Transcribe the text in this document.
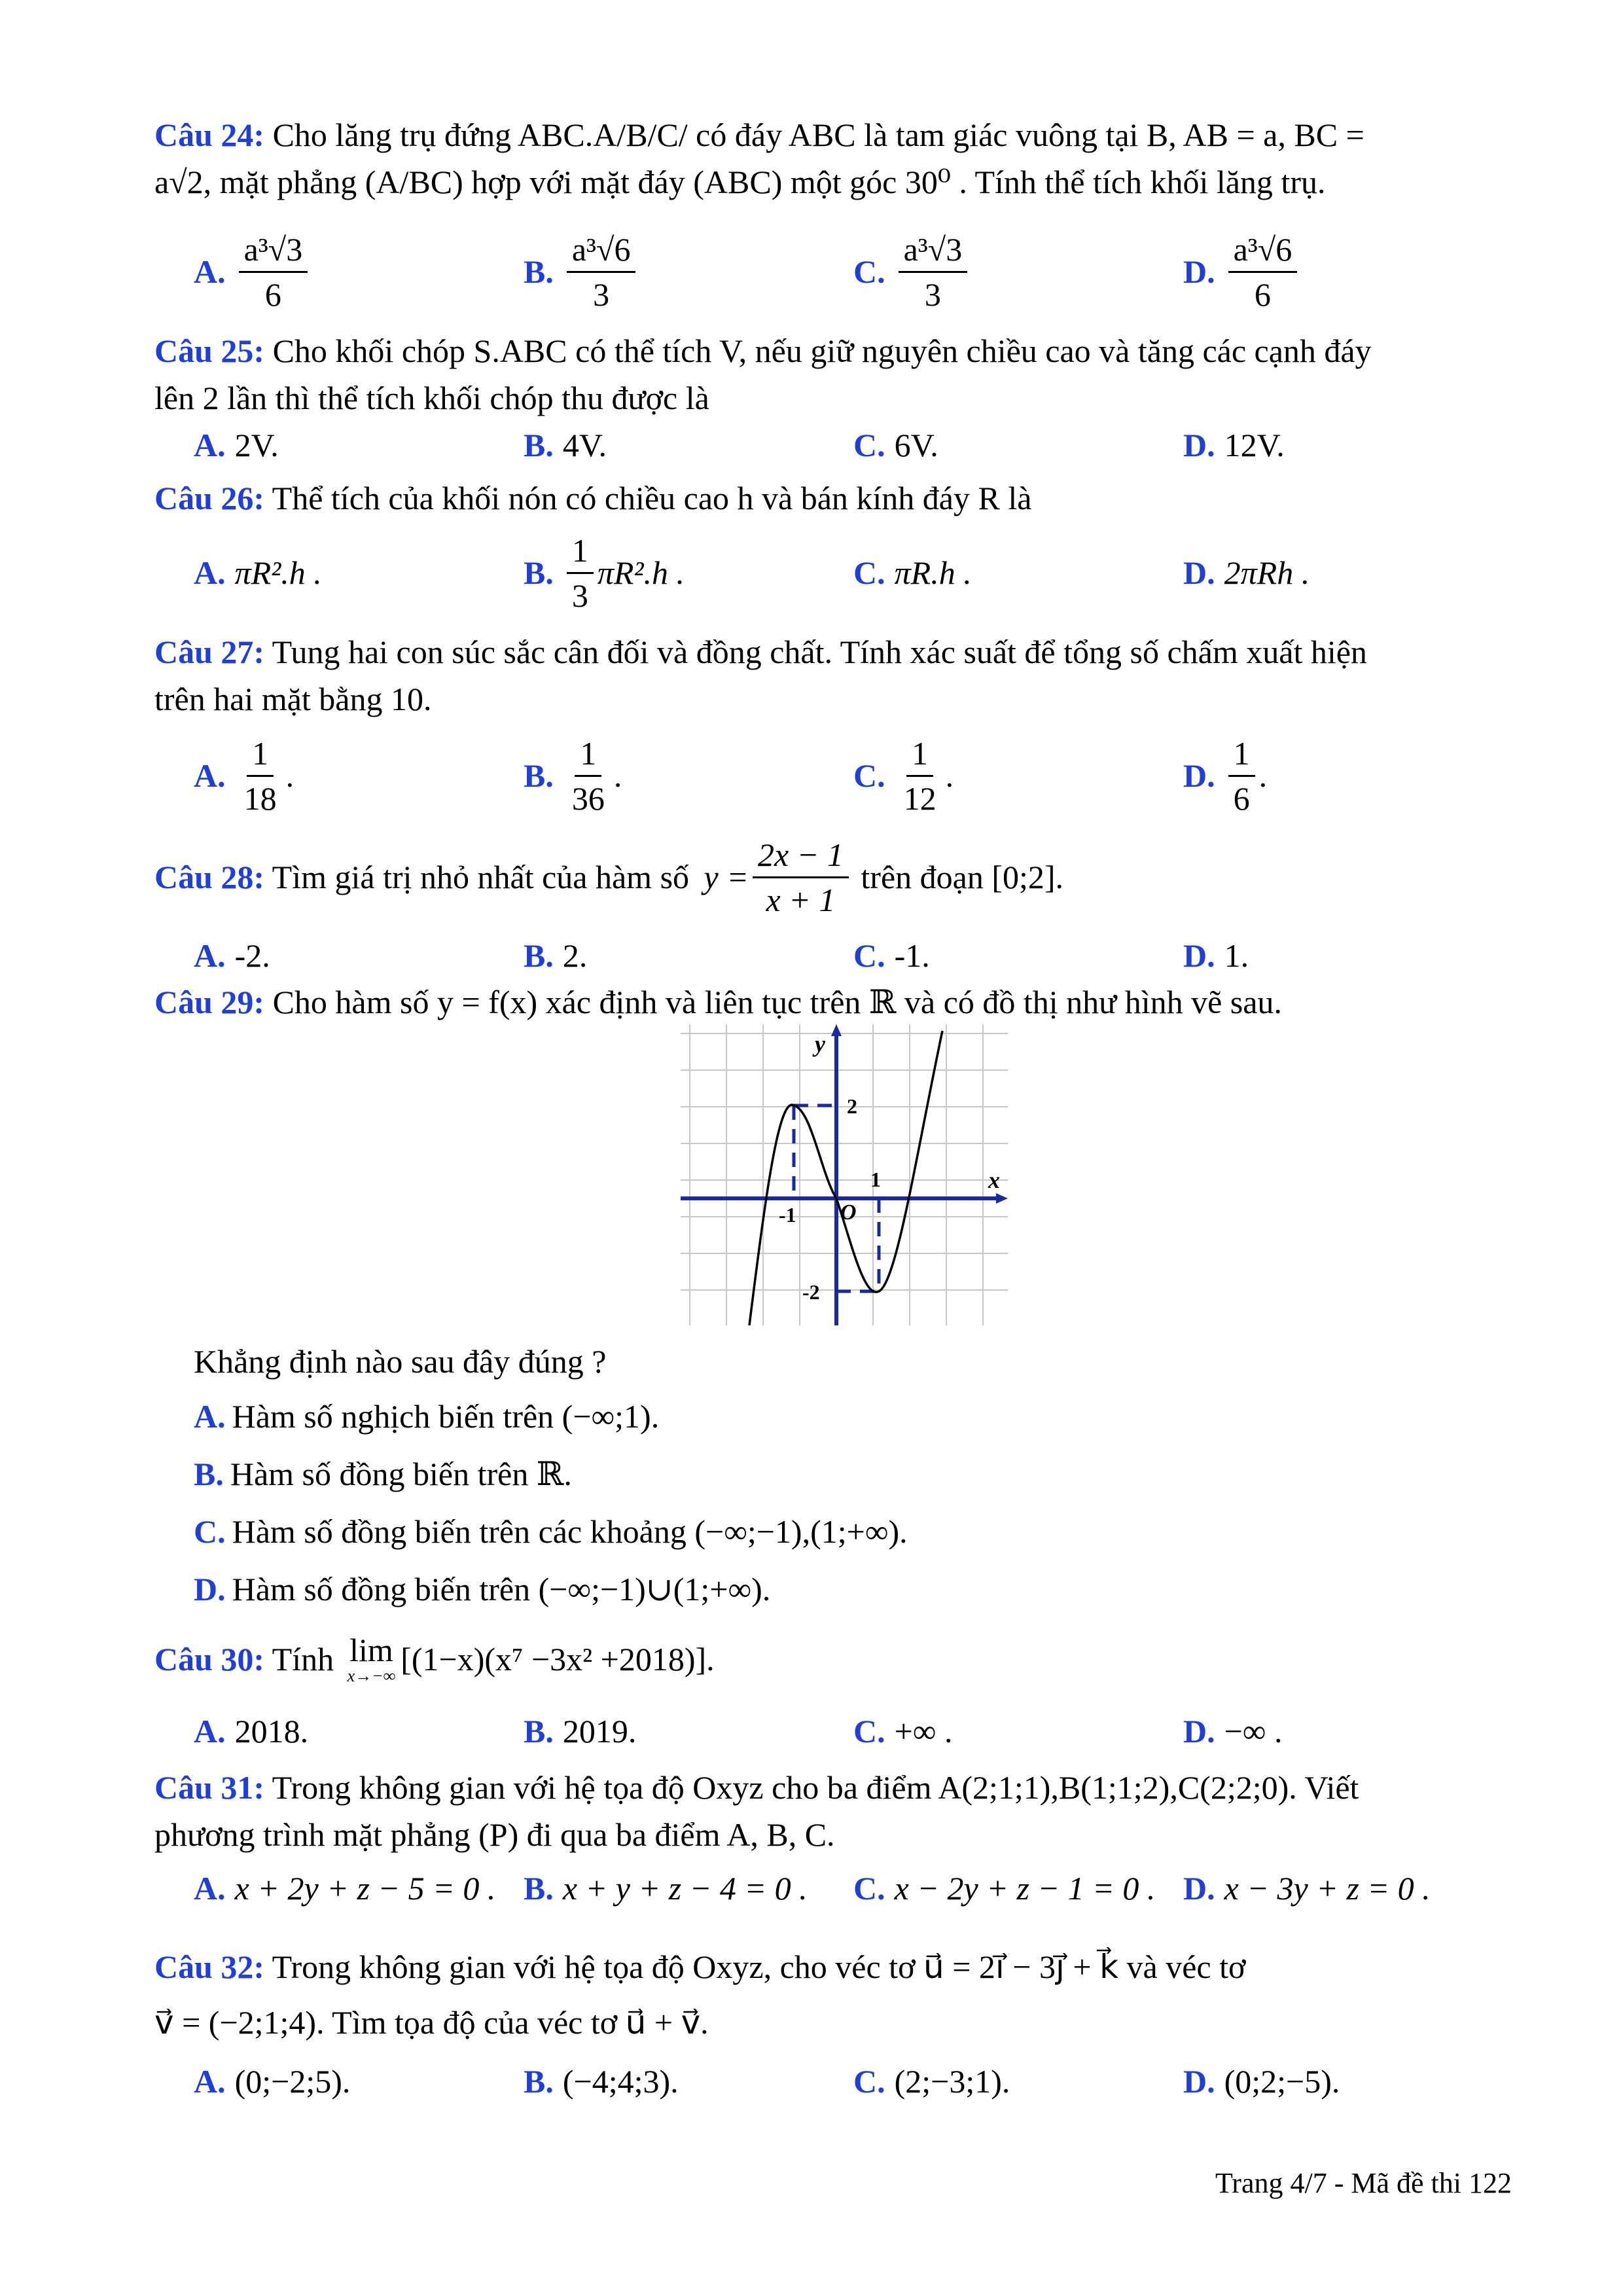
Câu 24: Cho lăng trụ đứng ABC.A/B/C/ có đáy ABC là tam giác vuông tại B, AB = a, BC =

a√2, mặt phẳng (A/BC) hợp với mặt đáy (ABC) một góc 30⁰ . Tính thể tích khối lăng trụ.

A. $\frac{\text{a³√3}}{6}$	B. $\frac{\text{a³√6}}{3}$	C. $\frac{\text{a³√3}}{3}$	D. $\frac{\text{a³√6}}{6}$

Câu 25: Cho khối chóp S.ABC có thể tích V, nếu giữ nguyên chiều cao và tăng các cạnh đáy

lên 2 lần thì thể tích khối chóp thu được là

A. 2V.	B. 4V.	C. 6V.	D. 12V.

Câu 26: Thể tích của khối nón có chiều cao h và bán kính đáy R là

A. πR².h .	B. $\frac{1}{3} \pi R^2.h$ .	C. πR.h .	D. 2πRh .

Câu 27: Tung hai con súc sắc cân đối và đồng chất. Tính xác suất để tổng số chấm xuất hiện

trên hai mặt bằng 10.

A. $\frac{1}{18}$ .	B. $\frac{1}{36}$ .	C. $\frac{1}{12}$ .	D. $\frac{1}{6}$ .
Câu 28: Tìm giá trị nhỏ nhất của hàm số $y = \frac{2x - 1}{x + 1}$ trên đoạn [0;2].
A. -2.	B. 2.	C. -1.	D. 1.

Câu 29: Cho hàm số y = f(x) xác định và liên tục trên ℝ và có đồ thị như hình vẽ sau.

y
x
O
2
-2
1
-1
Khẳng định nào sau đây đúng ?
A. Hàm số nghịch biến trên (−∞;1).
B. Hàm số đồng biến trên ℝ.
C. Hàm số đồng biến trên các khoảng (−∞;−1),(1;+∞).
D. Hàm số đồng biến trên (−∞;−1)∪(1;+∞).
Câu 30: Tính lim
x→−∞ [(1−x)(x⁷ −3x² +2018)].
A. 2018.	B. 2019.	C. +∞ .	D. −∞ .

Câu 31: Trong không gian với hệ tọa độ Oxyz cho ba điểm A(2;1;1),B(1;1;2),C(2;2;0). Viết

phương trình mặt phẳng (P) đi qua ba điểm A, B, C.

A. x + 2y + z − 5 = 0 . B. x + y + z − 4 = 0 . C. x − 2y + z − 1 = 0 . D. x − 3y + z = 0 .

Câu 32: Trong không gian với hệ tọa độ Oxyz, cho véc tơ u⃗ = 2i⃗ − 3j⃗ + k⃗ và véc tơ

v⃗ = (−2;1;4). Tìm tọa độ của véc tơ u⃗ + v⃗.

A. (0;−2;5).	B. (−4;4;3).	C. (2;−3;1).	D. (0;2;−5).
Trang 4/7 - Mã đề thi 122
